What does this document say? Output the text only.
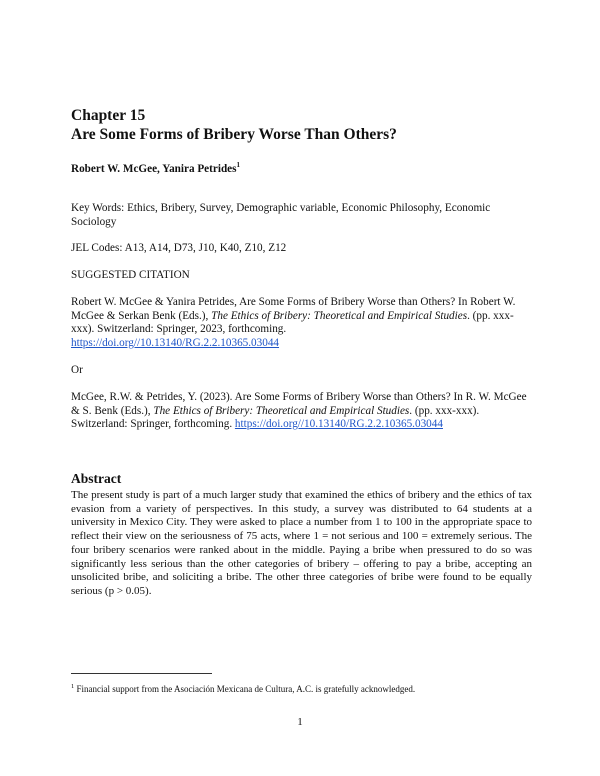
Chapter 15

Are Some Forms of Bribery Worse Than Others?

Robert W. McGee, Yanira Petrides$^1$

Key Words: Ethics, Bribery, Survey, Demographic variable, Economic Philosophy, Economic Sociology

JEL Codes: A13, A14, D73, J10, K40, Z10, Z12

SUGGESTED CITATION

Robert W. McGee & Yanira Petrides, Are Some Forms of Bribery Worse than Others? In Robert W. McGee & Serkan Benk (Eds.), The Ethics of Bribery: Theoretical and Empirical Studies. (pp. xxx-xxx). Switzerland: Springer, 2023, forthcoming.
https://doi.org//10.13140/RG.2.2.10365.03044

Or

McGee, R.W. & Petrides, Y. (2023). Are Some Forms of Bribery Worse than Others? In R. W. McGee & S. Benk (Eds.), The Ethics of Bribery: Theoretical and Empirical Studies. (pp. xxx-xxx). Switzerland: Springer, forthcoming. https://doi.org//10.13140/RG.2.2.10365.03044

Abstract

The present study is part of a much larger study that examined the ethics of bribery and the ethics of tax evasion from a variety of perspectives. In this study, a survey was distributed to 64 students at a university in Mexico City. They were asked to place a number from 1 to 100 in the appropriate space to reflect their view on the seriousness of 75 acts, where 1 = not serious and 100 = extremely serious. The four bribery scenarios were ranked about in the middle. Paying a bribe when pressured to do so was significantly less serious than the other categories of bribery – offering to pay a bribe, accepting an unsolicited bribe, and soliciting a bribe. The other three categories of bribe were found to be equally serious (p > 0.05).

$^1$ Financial support from the Asociación Mexicana de Cultura, A.C. is gratefully acknowledged.

1
